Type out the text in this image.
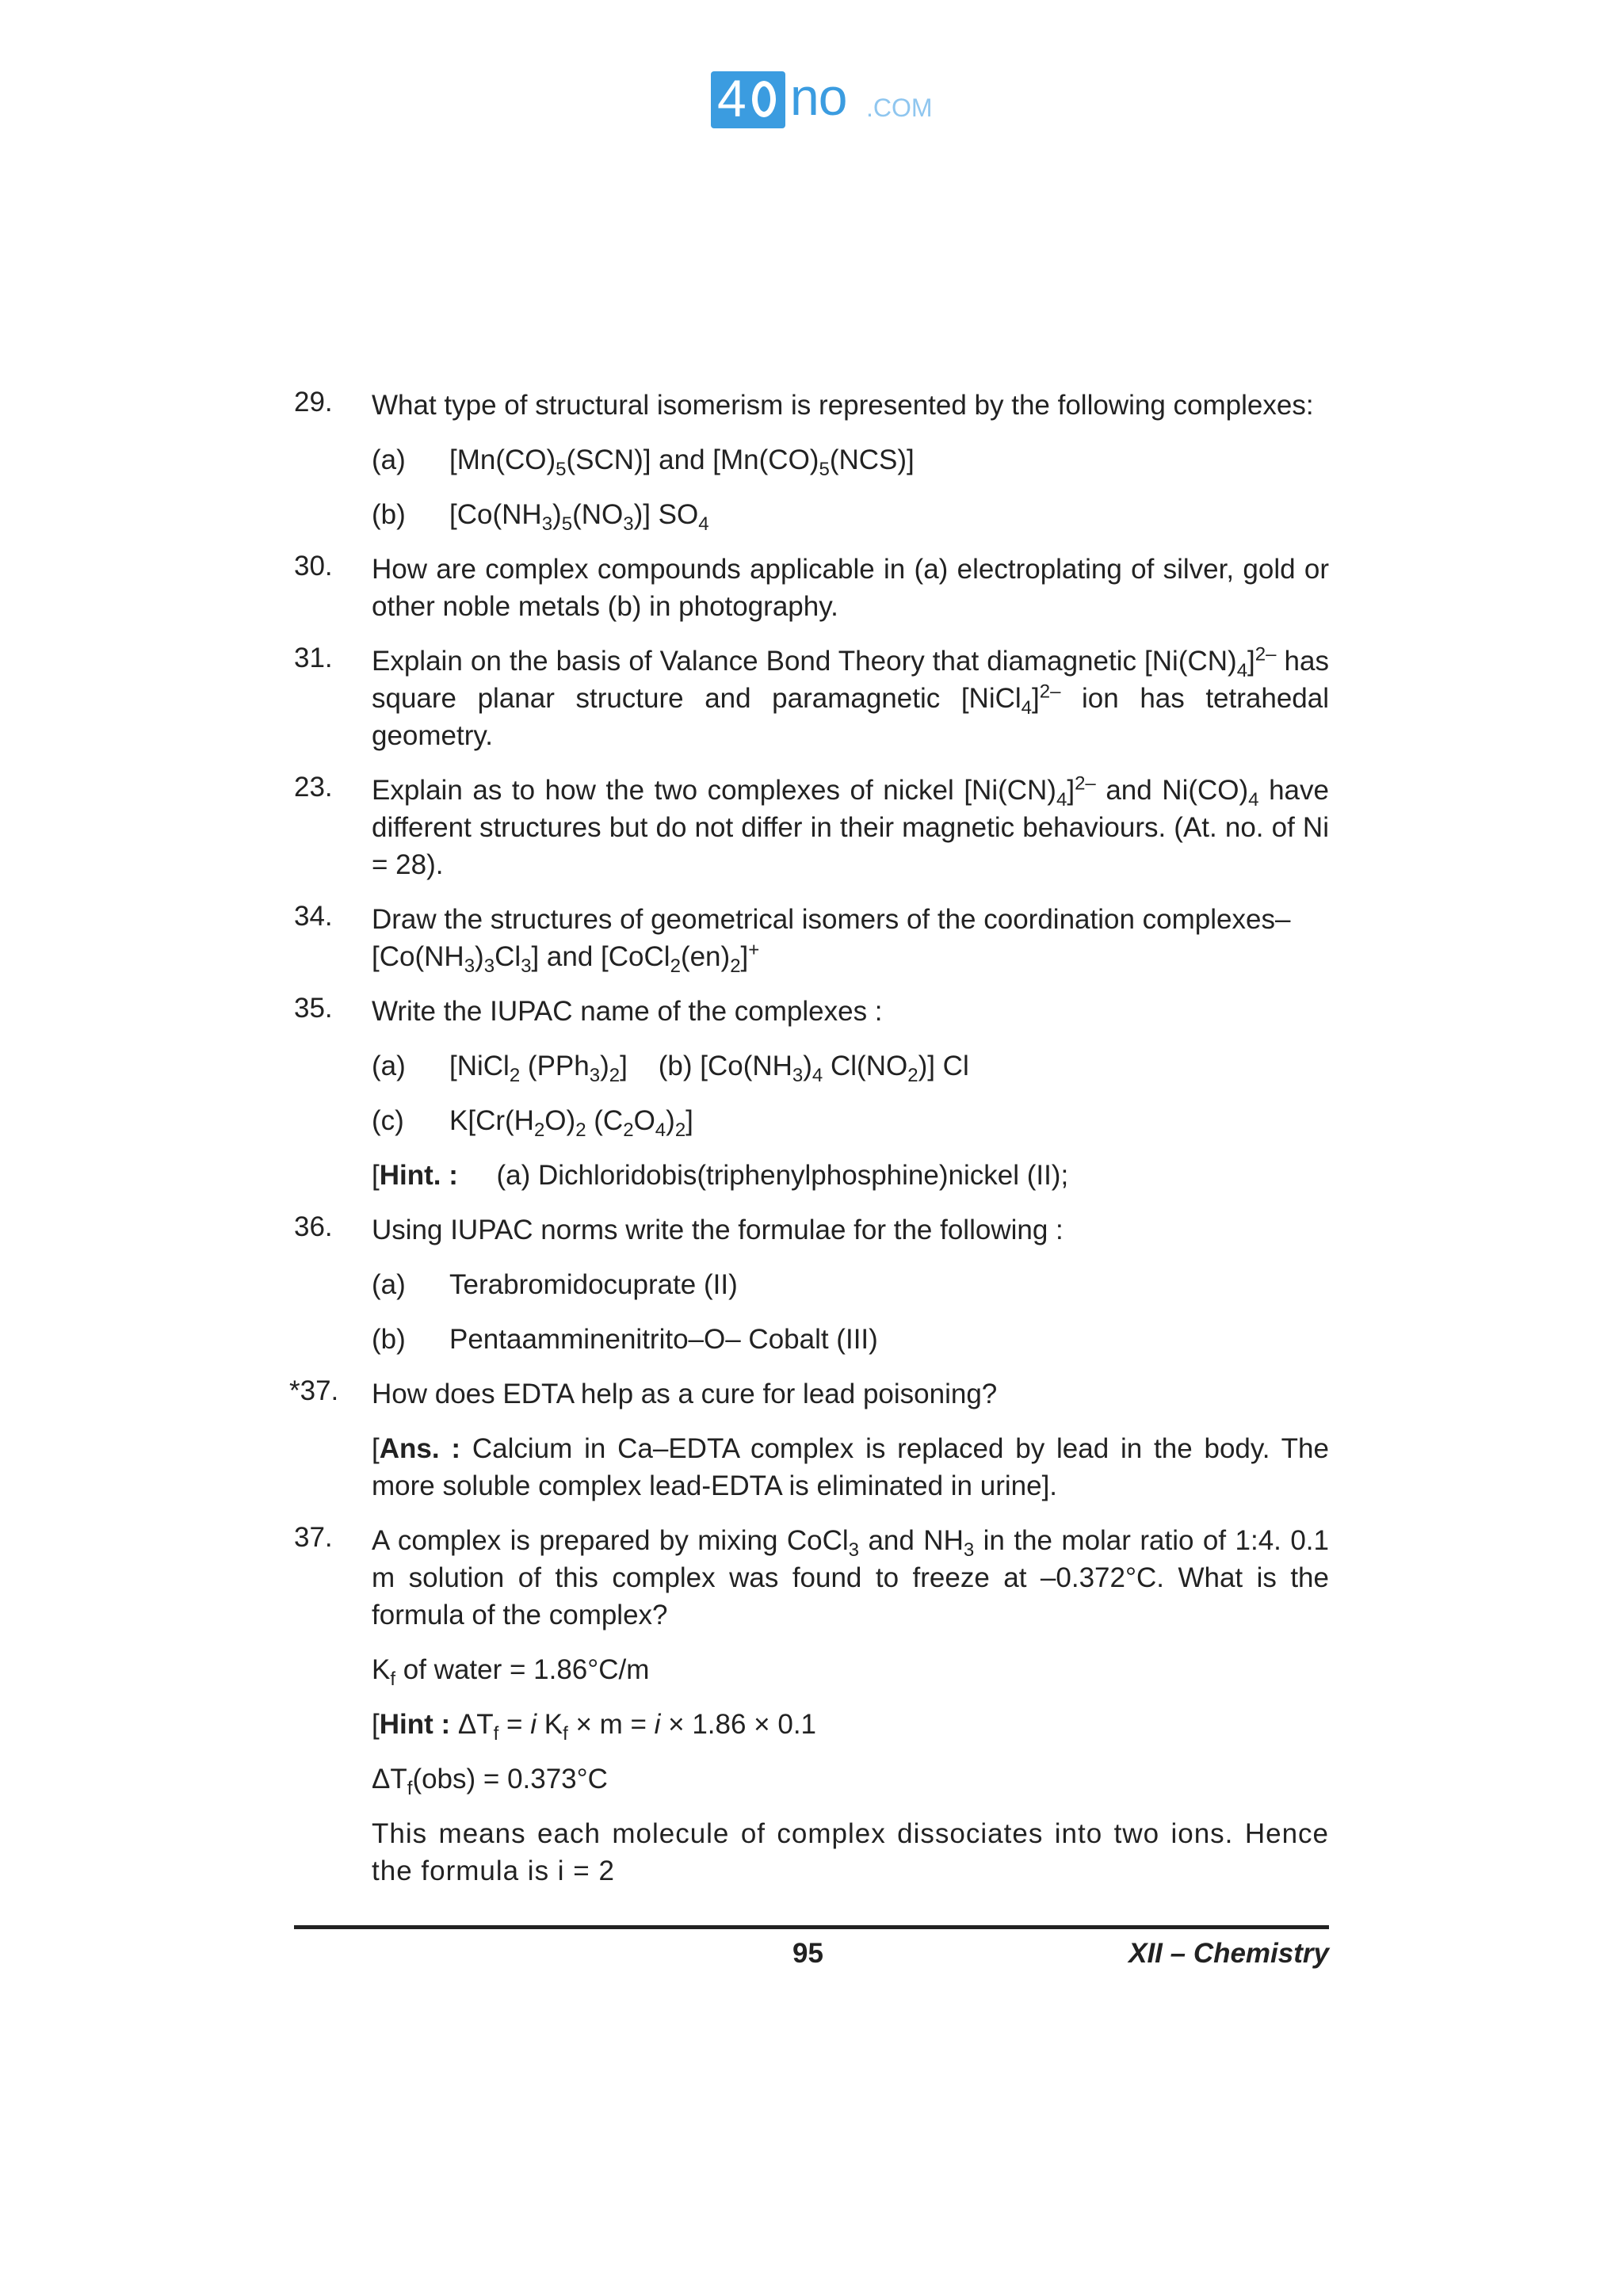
4 no .COM
29. What type of structural isomerism is represented by the following complexes:
(a) $[Mn(CO)_5(SCN)]$ and $[Mn(CO)_5(NCS)]$
(b) $[Co(NH_3)_5(NO_3)]$ $SO_4$
30. How are complex compounds applicable in (a) electroplating of silver, gold or other noble metals (b) in photography.
31. Explain on the basis of Valance Bond Theory that diamagnetic $[Ni(CN)_4]^{2-}$ has square planar structure and paramagnetic [NiCl$_4$]$^{2-}$ ion has tetrahedal geometry.
23. Explain as to how the two complexes of nickel $[Ni(CN)_4]^{2-}$ and $Ni(CO)_4$ have different structures but do not differ in their magnetic behaviours. (At. no. of Ni = 28).
34. Draw the structures of geometrical isomers of the coordination complexes–
$[Co(NH_3)_3Cl_3]$ and $[CoCl_2(en)_2]^+$
35. Write the IUPAC name of the complexes :
(a) [NiCl$_2$ $(PPh_3)_2$]    (b) [$Co(NH_3)_4$ $Cl(NO_2)$] Cl
(c) $K[Cr(H_2O)_2$ $(C_2O_4)_2$]
[Hint. : (a) Dichloridobis(triphenylphosphine)nickel (II);
36. Using IUPAC norms write the formulae for the following :
(a) Terabromidocuprate (II)
(b) Pentaamminenitrito–O– Cobalt (III)
*37. How does EDTA help as a cure for lead poisoning?
[Ans. : Calcium in Ca–EDTA complex is replaced by lead in the body. The more soluble complex lead-EDTA is eliminated in urine].
37. A complex is prepared by mixing CoCl$_3$ and $NH_3$ in the molar ratio of 1:4. 0.1 m solution of this complex was found to freeze at –0.372°C. What is the formula of the complex?
$K_f$ of water = 1.86°C/m
[Hint : $\Delta T_f = i$ $K_f \times m = i \times 1.86 \times 0.1$
$\Delta T_f(obs) = 0.373^\circ C$
This means each molecule of complex dissociates into two ions. Hence the formula is i = 2
95	XII – Chemistry
